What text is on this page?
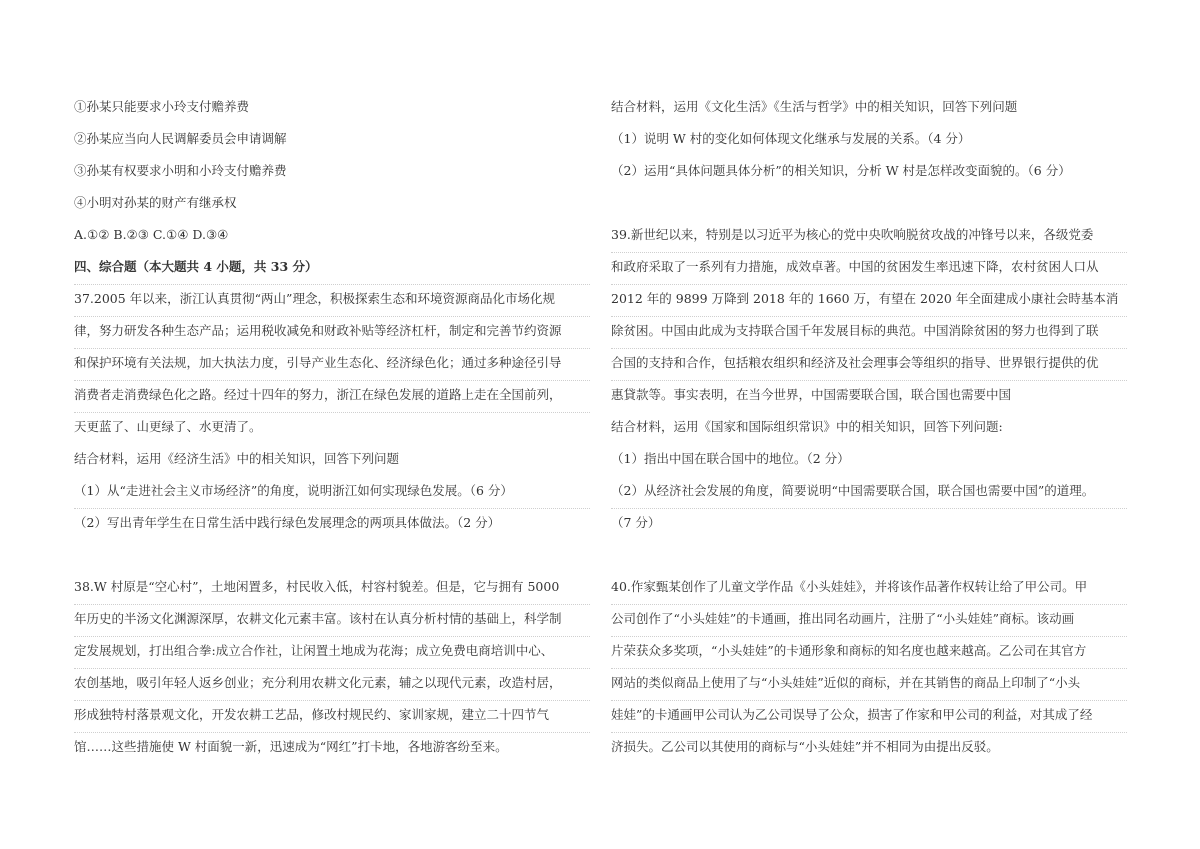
①孙某只能要求小玲支付赡养费
②孙某应当向人民调解委员会申请调解
③孙某有权要求小明和小玲支付赡养费
④小明对孙某的财产有继承权
A.①② B.②③ C.①④ D.③④
四、综合题（本大题共 4 小题，共 33 分）
37.2005 年以来，浙江认真贯彻“两山”理念，积极探索生态和环境资源商品化市场化规
律，努力研发各种生态产品；运用税收减免和财政补贴等经济杠杆，制定和完善节约资源
和保护环境有关法规，加大执法力度，引导产业生态化、经济绿色化；通过多种途径引导
消费者走消费绿色化之路。经过十四年的努力，浙江在绿色发展的道路上走在全国前列，
天更蓝了、山更绿了、水更清了。
结合材料，运用《经济生活》中的相关知识，回答下列问题
（1）从“走进社会主义市场经济”的角度，说明浙江如何实现绿色发展。（6 分）
（2）写出青年学生在日常生活中践行绿色发展理念的两项具体做法。（2 分）
38.W 村原是“空心村”，土地闲置多，村民收入低，村容村貌差。但是，它与拥有 5000
年历史的半汤文化渊源深厚，农耕文化元素丰富。该村在认真分析村情的基础上，科学制
定发展规划，打出组合拳:成立合作社，让闲置土地成为花海；成立免费电商培训中心、
农创基地，吸引年轻人返乡创业；充分利用农耕文化元素，辅之以现代元素，改造村居，
形成独特村落景观文化，开发农耕工艺品，修改村规民约、家训家规，建立二十四节气
馆……这些措施使 W 村面貌一新，迅速成为“网红”打卡地，各地游客纷至来。
结合材料，运用《文化生活》《生活与哲学》中的相关知识，回答下列问题
（1）说明 W 村的变化如何体现文化继承与发展的关系。（4 分）
（2）运用“具体问题具体分析”的相关知识，分析 W 村是怎样改变面貌的。（6 分）
39.新世纪以来，特别是以习近平为核心的党中央吹响脱贫攻战的冲锋号以来，各级党委
和政府采取了一系列有力措施，成效卓著。中国的贫困发生率迅速下降，农村贫困人口从
2012 年的 9899 万降到 2018 年的 1660 万，有望在 2020 年全面建成小康社会時基本消
除贫困。中国由此成为支持联合国千年发展目标的典范。中国消除贫困的努力也得到了联
合国的支持和合作，包括粮农组织和经济及社会理事会等组织的指导、世界银行提供的优
惠貸款等。事实表明，在当今世界，中国需要联合国，联合国也需要中国
结合材料，运用《国家和国际组织常识》中的相关知识，回答下列问题:
（1）指出中国在联合国中的地位。（2 分）
（2）从经济社会发展的角度，简要说明“中国需要联合国，联合国也需要中国”的道理。
（7 分）
40.作家甄某创作了儿童文学作品《小头娃娃》，并将该作品著作权转让给了甲公司。甲
公司创作了“小头娃娃”的卡通画，推出同名动画片，注册了“小头娃娃”商标。该动画
片荣获众多奖项，“小头娃娃”的卡通形象和商标的知名度也越来越高。乙公司在其官方
网站的类似商品上使用了与“小头娃娃”近似的商标，并在其销售的商品上印制了“小头
娃娃”的卡通画甲公司认为乙公司误导了公众，损害了作家和甲公司的利益，对其成了经
济损失。乙公司以其使用的商标与“小头娃娃”并不相同为由提出反驳。
